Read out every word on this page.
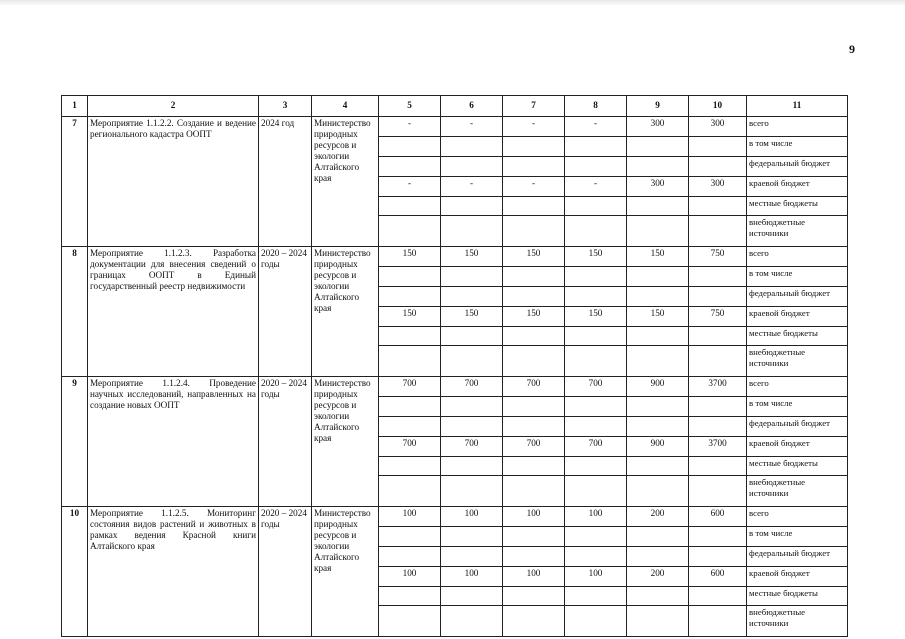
9
1	2	3	4	5	6	7	8	9	10	11
7	Мероприятие 1.1.2.2. Создание и ведение регионального кадастра ООПТ	2024 год	Министерство природных ресурсов и экологии Алтайского края	-	-	-	-	300	300	всего
										в том числе
										федеральный бюджет
				-	-	-	-	300	300	краевой бюджет
										местные бюджеты
										внебюджетные источники
8	Мероприятие 1.1.2.3. Разработка документации для внесения сведений о границах ООПТ в Единый государственный реестр недвижимости	2020 – 2024 годы	Министерство природных ресурсов и экологии Алтайского края	150	150	150	150	150	750	всего
										в том числе
										федеральный бюджет
				150	150	150	150	150	750	краевой бюджет
										местные бюджеты
										внебюджетные источники
9	Мероприятие 1.1.2.4. Проведение научных исследований, направленных на создание новых ООПТ	2020 – 2024 годы	Министерство природных ресурсов и экологии Алтайского края	700	700	700	700	900	3700	всего
										в том числе
										федеральный бюджет
				700	700	700	700	900	3700	краевой бюджет
										местные бюджеты
										внебюджетные источники
10	Мероприятие 1.1.2.5. Мониторинг состояния видов растений и животных в рамках ведения Красной книги Алтайского края	2020 – 2024 годы	Министерство природных ресурсов и экологии Алтайского края	100	100	100	100	200	600	всего
										в том числе
										федеральный бюджет
				100	100	100	100	200	600	краевой бюджет
										местные бюджеты
										внебюджетные источники
